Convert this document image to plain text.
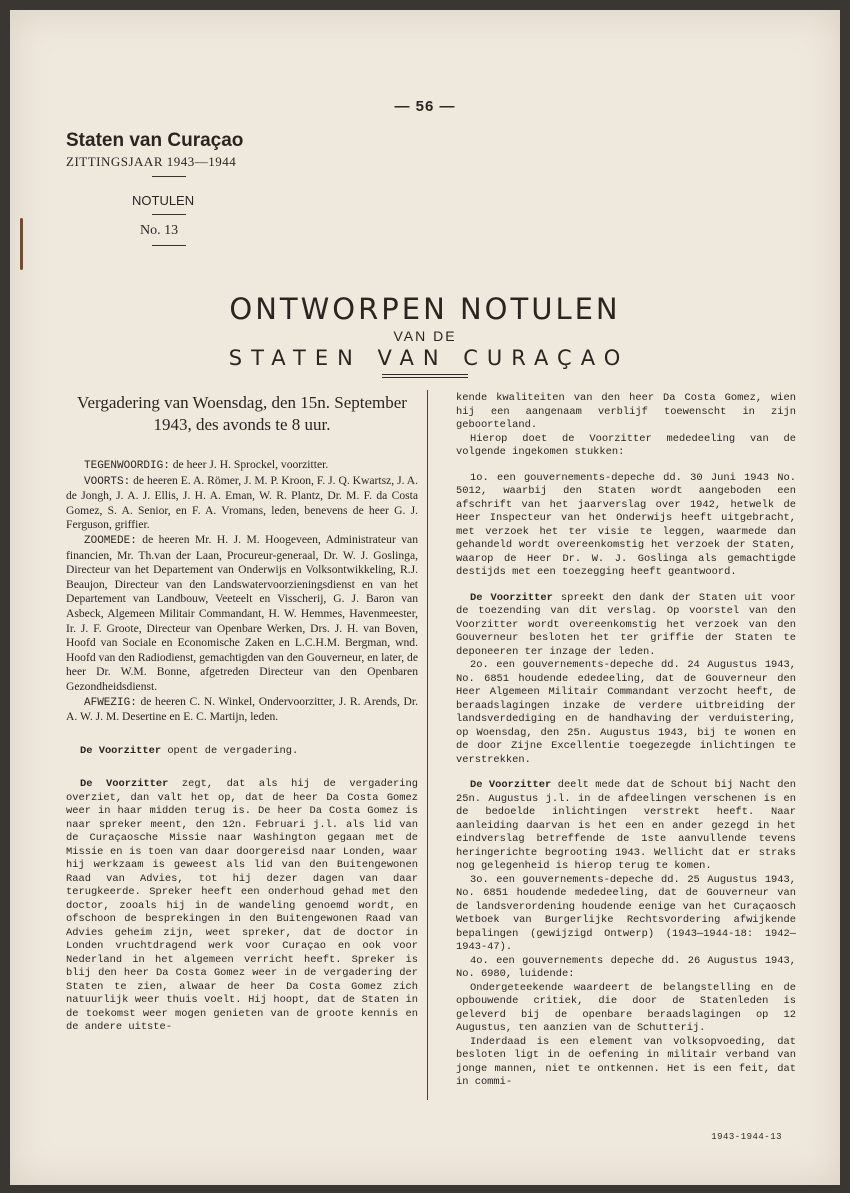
— 56 —
Staten van Curaçao
ZITTINGSJAAR 1943—1944
NOTULEN
No. 13
ONTWORPEN NOTULEN
VAN DE
STATEN VAN CURAÇAO
Vergadering van Woensdag, den 15n. September 1943, des avonds te 8 uur.

TEGENWOORDIG: de heer J. H. Sprockel, voorzitter.

VOORTS: de heeren E. A. Römer, J. M. P. Kroon, F. J. Q. Kwartsz, J. A. de Jongh, J. A. J. Ellis, J. H. A. Eman, W. R. Plantz, Dr. M. F. da Costa Gomez, S. A. Senior, en F. A. Vromans, leden, benevens de heer G. J. Ferguson, griffier.

ZOOMEDE: de heeren Mr. H. J. M. Hoogeveen, Administrateur van financien, Mr. Th.van der Laan, Procureur-generaal, Dr. W. J. Goslinga, Directeur van het Departement van Onderwijs en Volksontwikkeling, R.J. Beaujon, Directeur van den Landswatervoorzieningsdienst en van het Departement van Landbouw, Veeteelt en Visscherij, G. J. Baron van Asbeck, Algemeen Militair Commandant, H. W. Hemmes, Havenmeester, Ir. J. F. Groote, Directeur van Openbare Werken, Drs. J. H. van Boven, Hoofd van Sociale en Economische Zaken en L.C.H.M. Bergman, wnd. Hoofd van den Radiodienst, gemachtigden van den Gouverneur, en later, de heer Dr. W.M. Bonne, afgetreden Directeur van den Openbaren Gezondheidsdienst.

AFWEZIG: de heeren C. N. Winkel, Ondervoorzitter, J. R. Arends, Dr. A. W. J. M. Desertine en E. C. Martijn, leden.

De Voorzitter opent de vergadering.

De Voorzitter zegt, dat als hij de vergadering overziet, dan valt het op, dat de heer Da Costa Gomez weer in haar midden terug is. De heer Da Costa Gomez is naar spreker meent, den 12n. Februari j.l. als lid van de Curaçaosche Missie naar Washington gegaan met de Missie en is toen van daar doorgereisd naar Londen, waar hij werkzaam is geweest als lid van den Buitengewonen Raad van Advies, tot hij dezer dagen van daar terugkeerde. Spreker heeft een onderhoud gehad met den doctor, zooals hij in de wandeling genoemd wordt, en ofschoon de besprekingen in den Buitengewonen Raad van Advies geheim zijn, weet spreker, dat de doctor in Londen vruchtdragend werk voor Curaçao en ook voor Nederland in het algemeen verricht heeft. Spreker is blij den heer Da Costa Gomez weer in de vergadering der Staten te zien, alwaar de heer Da Costa Gomez zich natuurlijk weer thuis voelt. Hij hoopt, dat de Staten in de toekomst weer mogen genieten van de groote kennis en de andere uitste-

kende kwaliteiten van den heer Da Costa Gomez, wien hij een aangenaam verblijf toewenscht in zijn geboorteland.

Hierop doet de Voorzitter mededeeling van de volgende ingekomen stukken:

1o. een gouvernements-depeche dd. 30 Juni 1943 No. 5012, waarbij den Staten wordt aangeboden een afschrift van het jaarverslag over 1942, hetwelk de Heer Inspecteur van het Onderwijs heeft uitgebracht, met verzoek het ter visie te leggen, waarmede dan gehandeld wordt overeenkomstig het verzoek der Staten, waarop de Heer Dr. W. J. Goslinga als gemachtigde destijds met een toezegging heeft geantwoord.

De Voorzitter spreekt den dank der Staten uit voor de toezending van dit verslag. Op voorstel van den Voorzitter wordt overeenkomstig het verzoek van den Gouverneur besloten het ter griffie der Staten te deponeeren ter inzage der leden.

2o. een gouvernements-depeche dd. 24 Augustus 1943, No. 6851 houdende ededeeling, dat de Gouverneur den Heer Algemeen Militair Commandant verzocht heeft, de beraadslagingen inzake de verdere uitbreiding der landsverdediging en de handhaving der verduistering, op Woensdag, den 25n. Augustus 1943, bij te wonen en de door Zijne Excellentie toegezegde inlichtingen te verstrekken.

De Voorzitter deelt mede dat de Schout bij Nacht den 25n. Augustus j.l. in de afdeelingen verschenen is en de bedoelde inlichtingen verstrekt heeft. Naar aanleiding daarvan is het een en ander gezegd in het eindverslag betreffende de 1ste aanvullende tevens heringerichte begrooting 1943. Wellicht dat er straks nog gelegenheid is hierop terug te komen.

3o. een gouvernements-depeche dd. 25 Augustus 1943, No. 6851 houdende mededeeling, dat de Gouverneur van de landsverordening houdende eenige van het Curaçaosch Wetboek van Burgerlijke Rechtsvordering afwijkende bepalingen (gewijzigd Ontwerp) (1943—1944-18: 1942—1943-47).

4o. een gouvernements depeche dd. 26 Augustus 1943, No. 6980, luidende:

Ondergeteekende waardeert de belangstelling en de opbouwende critiek, die door de Statenleden is geleverd bij de openbare beraadslagingen op 12 Augustus, ten aanzien van de Schutterij.

Inderdaad is een element van volksopvoeding, dat besloten ligt in de oefening in militair verband van jonge mannen, niet te ontkennen. Het is een feit, dat in commi-

1943-1944-13
